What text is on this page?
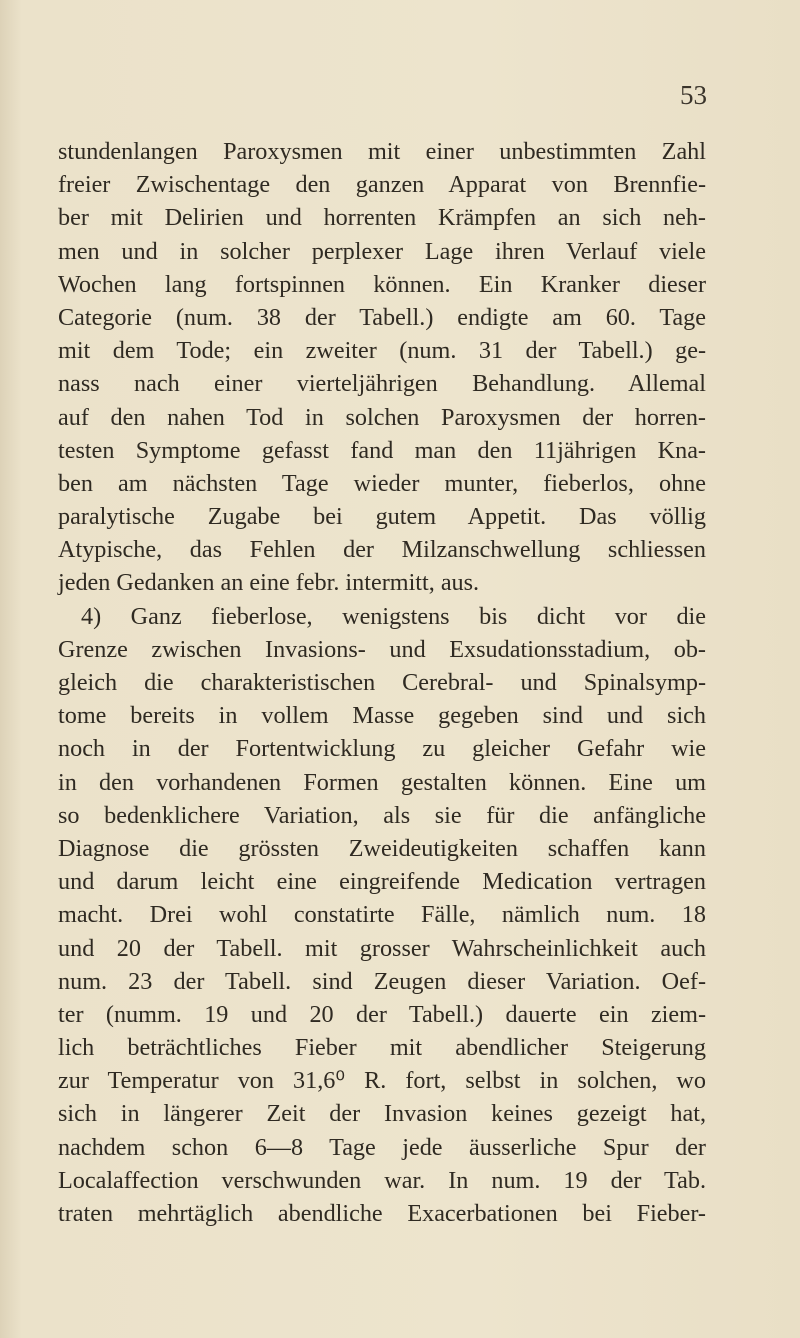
53
stundenlangen Paroxysmen mit einer unbestimmten Zahl
freier Zwischentage den ganzen Apparat von Brennfie-
ber mit Delirien und horrenten Krämpfen an sich neh-
men und in solcher perplexer Lage ihren Verlauf viele
Wochen lang fortspinnen können. Ein Kranker dieser
Categorie (num. 38 der Tabell.) endigte am 60. Tage
mit dem Tode; ein zweiter (num. 31 der Tabell.) ge-
nass nach einer vierteljährigen Behandlung. Allemal
auf den nahen Tod in solchen Paroxysmen der horren-
testen Symptome gefasst fand man den 11jährigen Kna-
ben am nächsten Tage wieder munter, fieberlos, ohne
paralytische Zugabe bei gutem Appetit. Das völlig
Atypische, das Fehlen der Milzanschwellung schliessen
jeden Gedanken an eine febr. intermitt, aus.
4) Ganz fieberlose, wenigstens bis dicht vor die
Grenze zwischen Invasions- und Exsudationsstadium, ob-
gleich die charakteristischen Cerebral- und Spinalsymp-
tome bereits in vollem Masse gegeben sind und sich
noch in der Fortentwicklung zu gleicher Gefahr wie
in den vorhandenen Formen gestalten können. Eine um
so bedenklichere Variation, als sie für die anfängliche
Diagnose die grössten Zweideutigkeiten schaffen kann
und darum leicht eine eingreifende Medication vertragen
macht. Drei wohl constatirte Fälle, nämlich num. 18
und 20 der Tabell. mit grosser Wahrscheinlichkeit auch
num. 23 der Tabell. sind Zeugen dieser Variation. Oef-
ter (numm. 19 und 20 der Tabell.) dauerte ein ziem-
lich beträchtliches Fieber mit abendlicher Steigerung
zur Temperatur von 31,6⁰ R. fort, selbst in solchen, wo
sich in längerer Zeit der Invasion keines gezeigt hat,
nachdem schon 6—8 Tage jede äusserliche Spur der
Localaffection verschwunden war. In num. 19 der Tab.
traten mehrtäglich abendliche Exacerbationen bei Fieber-
